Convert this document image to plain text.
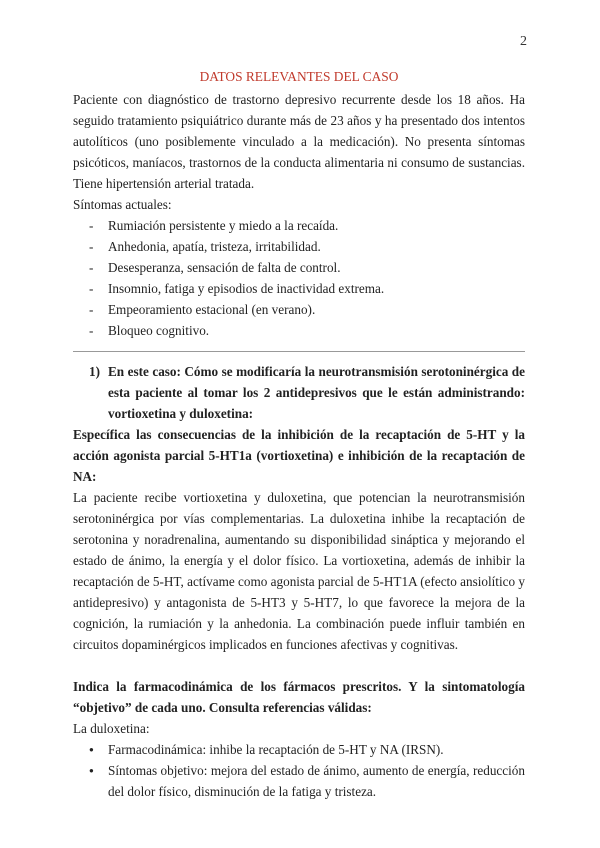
2
DATOS RELEVANTES DEL CASO

Paciente con diagnóstico de trastorno depresivo recurrente desde los 18 años. Ha seguido tratamiento psiquiátrico durante más de 23 años y ha presentado dos intentos autolíticos (uno posiblemente vinculado a la medicación). No presenta síntomas psicóticos, maníacos, trastornos de la conducta alimentaria ni consumo de sustancias. Tiene hipertensión arterial tratada.

Síntomas actuales:

- Rumiación persistente y miedo a la recaída.
- Anhedonia, apatía, tristeza, irritabilidad.
- Desesperanza, sensación de falta de control.
- Insomnio, fatiga y episodios de inactividad extrema.
- Empeoramiento estacional (en verano).
- Bloqueo cognitivo.
1) En este caso: Cómo se modificaría la neurotransmisión serotoninérgica de esta paciente al tomar los 2 antidepresivos que le están administrando: vortioxetina y duloxetina:

Específica las consecuencias de la inhibición de la recaptación de 5-HT y la acción agonista parcial 5-HT1a (vortioxetina) e inhibición de la recaptación de NA:

La paciente recibe vortioxetina y duloxetina, que potencian la neurotransmisión serotoninérgica por vías complementarias. La duloxetina inhibe la recaptación de serotonina y noradrenalina, aumentando su disponibilidad sináptica y mejorando el estado de ánimo, la energía y el dolor físico. La vortioxetina, además de inhibir la recaptación de 5-HT, actívame como agonista parcial de 5-HT1A (efecto ansiolítico y antidepresivo) y antagonista de 5-HT3 y 5-HT7, lo que favorece la mejora de la cognición, la rumiación y la anhedonia. La combinación puede influir también en circuitos dopaminérgicos implicados en funciones afectivas y cognitivas.

Indica la farmacodinámica de los fármacos prescritos. Y la sintomatología “objetivo” de cada uno. Consulta referencias válidas:

La duloxetina:

● Farmacodinámica: inhibe la recaptación de 5-HT y NA (IRSN).
● Síntomas objetivo: mejora del estado de ánimo, aumento de energía, reducción del dolor físico, disminución de la fatiga y tristeza.
